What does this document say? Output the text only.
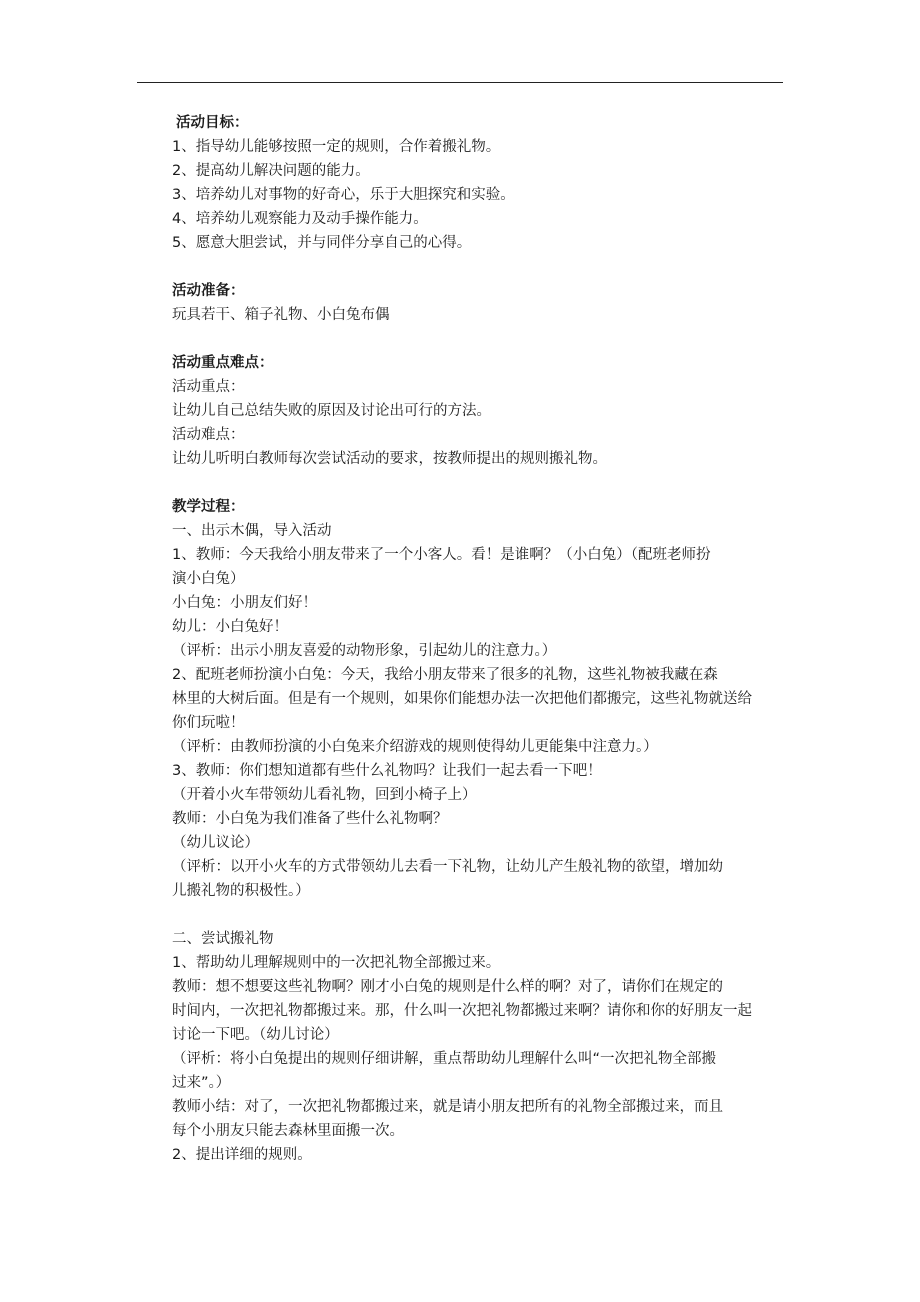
活动目标：
1、指导幼儿能够按照一定的规则，合作着搬礼物。
2、提高幼儿解决问题的能力。
3、培养幼儿对事物的好奇心，乐于大胆探究和实验。
4、培养幼儿观察能力及动手操作能力。
5、愿意大胆尝试，并与同伴分享自己的心得。
活动准备：
玩具若干、箱子礼物、小白兔布偶
活动重点难点：
活动重点：
让幼儿自己总结失败的原因及讨论出可行的方法。
活动难点：
让幼儿听明白教师每次尝试活动的要求，按教师提出的规则搬礼物。
教学过程：
一、出示木偶，导入活动
1、教师：今天我给小朋友带来了一个小客人。看！是谁啊？（小白兔）（配班老师扮
演小白兔）
小白兔：小朋友们好！
幼儿：小白兔好！
（评析：出示小朋友喜爱的动物形象，引起幼儿的注意力。）
2、配班老师扮演小白兔：今天，我给小朋友带来了很多的礼物，这些礼物被我藏在森
林里的大树后面。但是有一个规则，如果你们能想办法一次把他们都搬完，这些礼物就送给
你们玩啦！
（评析：由教师扮演的小白兔来介绍游戏的规则使得幼儿更能集中注意力。）
3、教师：你们想知道都有些什么礼物吗？让我们一起去看一下吧！
（开着小火车带领幼儿看礼物，回到小椅子上）
教师：小白兔为我们准备了些什么礼物啊？
（幼儿议论）
（评析：以开小火车的方式带领幼儿去看一下礼物，让幼儿产生般礼物的欲望，增加幼
儿搬礼物的积极性。）
二、尝试搬礼物
1、帮助幼儿理解规则中的一次把礼物全部搬过来。
教师：想不想要这些礼物啊？刚才小白兔的规则是什么样的啊？对了，请你们在规定的
时间内，一次把礼物都搬过来。那，什么叫一次把礼物都搬过来啊？请你和你的好朋友一起
讨论一下吧。（幼儿讨论）
（评析：将小白兔提出的规则仔细讲解，重点帮助幼儿理解什么叫“一次把礼物全部搬
过来”。）
教师小结：对了，一次把礼物都搬过来，就是请小朋友把所有的礼物全部搬过来，而且
每个小朋友只能去森林里面搬一次。
2、提出详细的规则。
